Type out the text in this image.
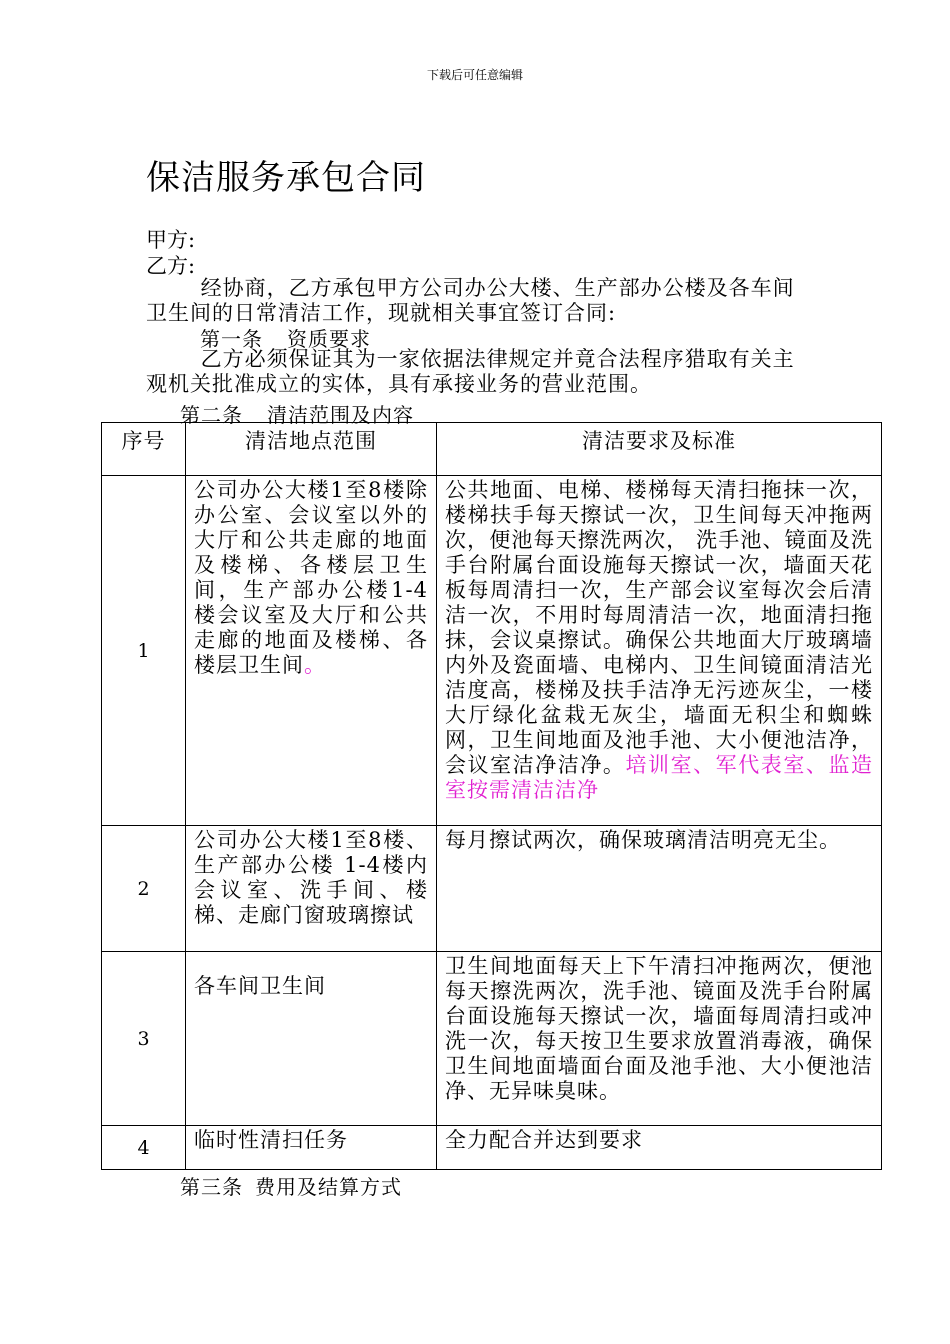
下载后可任意编辑
保洁服务承包合同
甲方:
乙方:

经协商，乙方承包甲方公司办公大楼、生产部办公楼及各车间卫生间的日常清洁工作，现就相关事宜签订合同:

第一条 资质要求

乙方必须保证其为一家依据法律规定并竟合法程序猎取有关主观机关批准成立的实体，具有承接业务的营业范围。

第二条 清洁范围及内容
序号	清洁地点范围	清洁要求及标准
1	公司办公大楼1至8楼除办公室、会议室以外的大厅和公共走廊的地面及楼梯、各楼层卫生间，生产部办公楼1-4楼会议室及大厅和公共走廊的地面及楼梯、各楼层卫生间。	公共地面、电梯、楼梯每天清扫拖抹一次，楼梯扶手每天擦试一次，卫生间每天冲拖两次，便池每天擦洗两次， 洗手池、镜面及洗手台附属台面设施每天擦试一次，墙面天花板每周清扫一次，生产部会议室每次会后清洁一次，不用时每周清洁一次，地面清扫拖抹，会议桌擦试。确保公共地面大厅玻璃墙内外及瓷面墙、电梯内、卫生间镜面清洁光洁度高，楼梯及扶手洁净无污迹灰尘，一楼大厅绿化盆栽无灰尘，墙面无积尘和蜘蛛网，卫生间地面及池手池、大小便池洁净，会议室洁净洁净。培训室、军代表室、监造室按需清洁洁净
2	公司办公大楼1至8楼、生产部办公楼 1-4楼内会议室、洗手间、楼梯、走廊门窗玻璃擦试	每月擦试两次，确保玻璃清洁明亮无尘。
3	各车间卫生间	卫生间地面每天上下午清扫冲拖两次，便池每天擦洗两次，洗手池、镜面及洗手台附属台面设施每天擦试一次，墙面每周清扫或冲洗一次，每天按卫生要求放置消毒液，确保卫生间地面墙面台面及池手池、大小便池洁净、无异味臭味。
4	临时性清扫任务	全力配合并达到要求
第三条 费用及结算方式
